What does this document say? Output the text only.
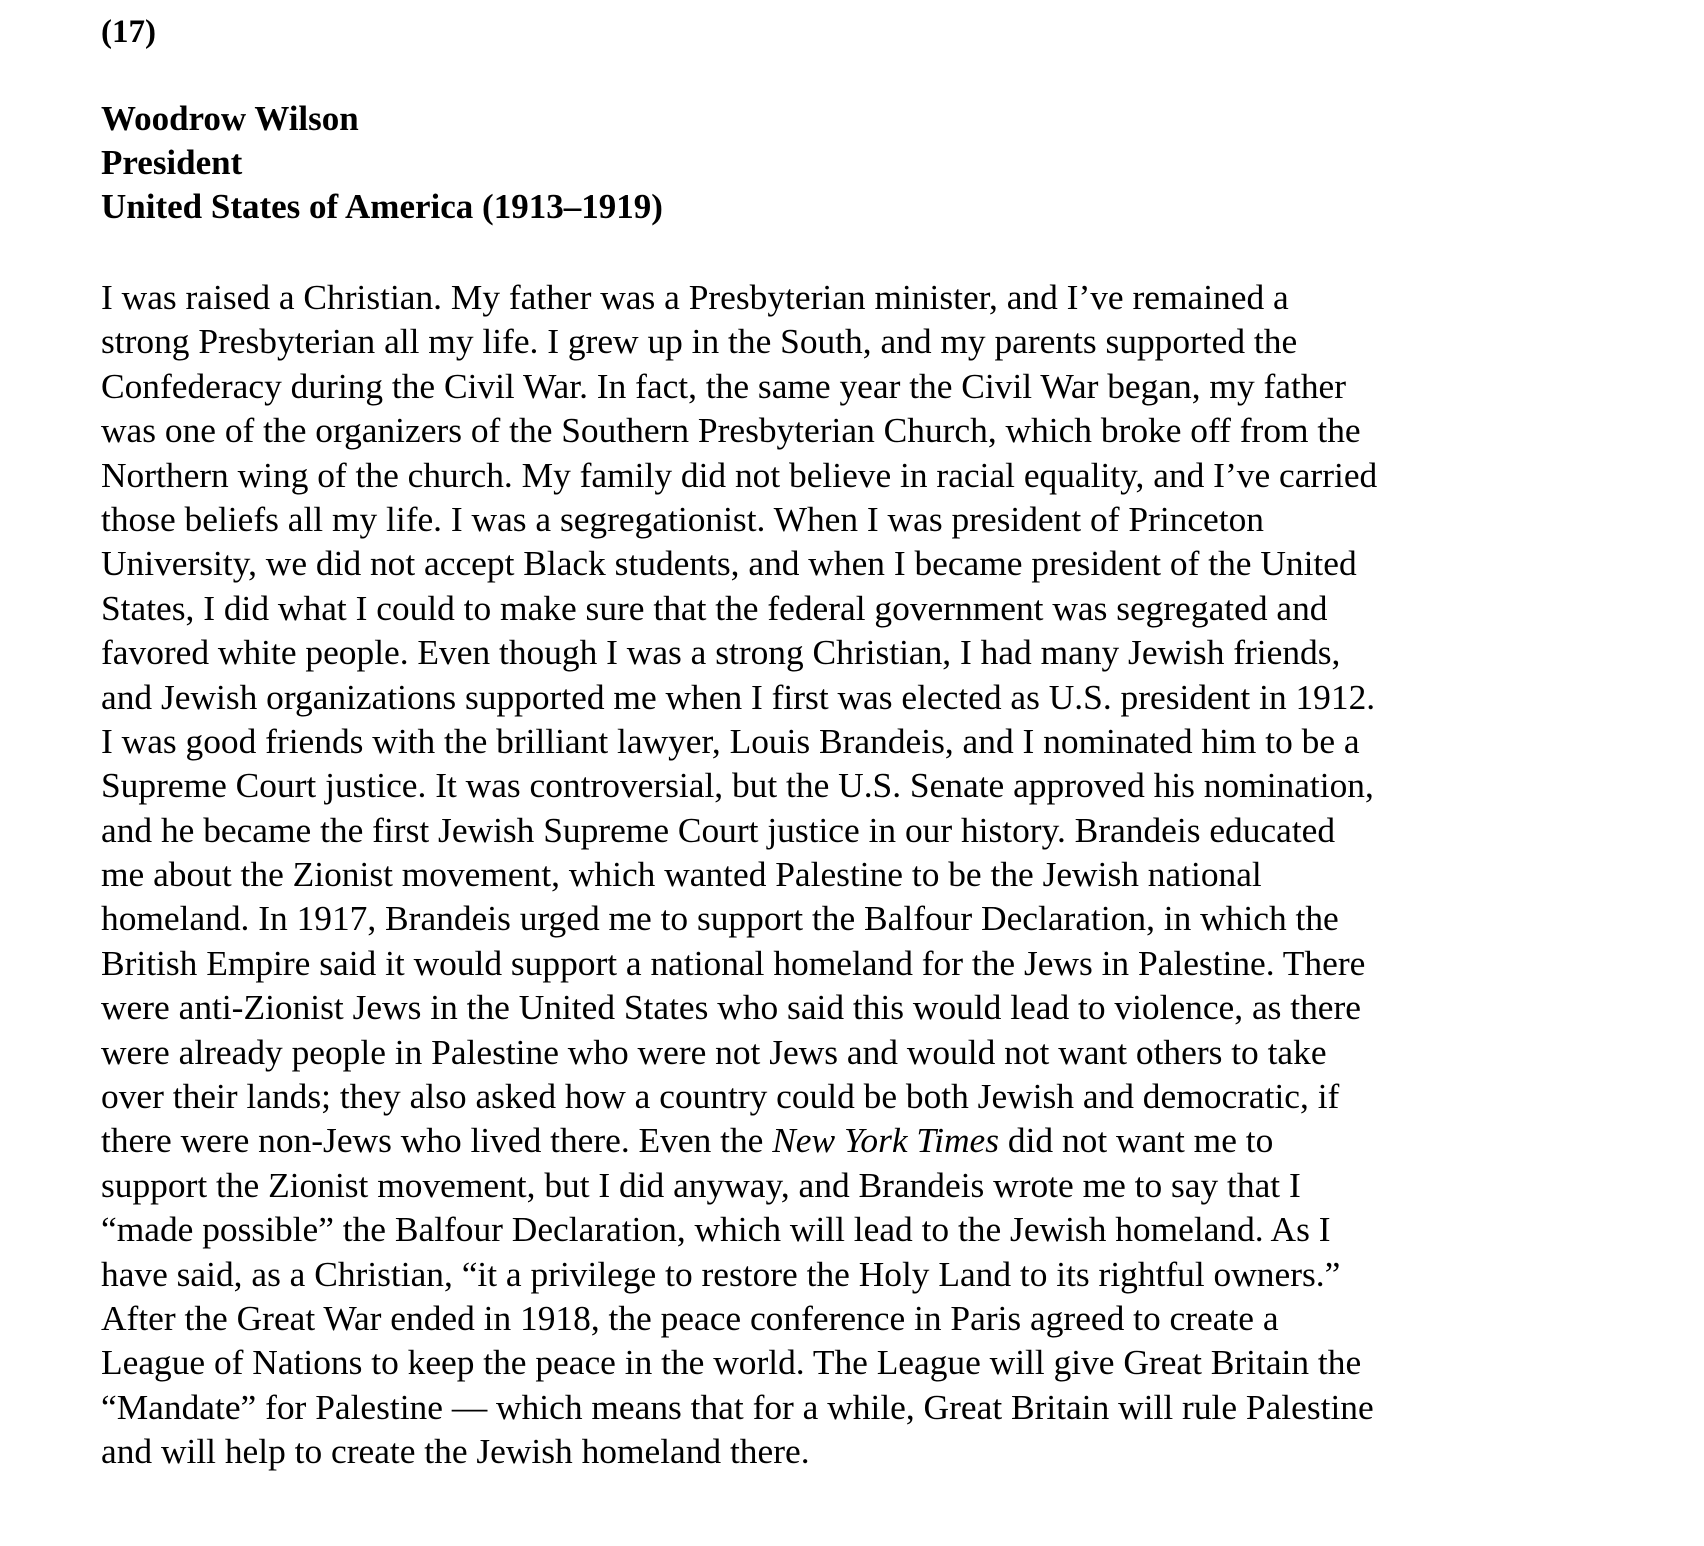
(17)
Woodrow Wilson
President
United States of America (1913–1919)
I was raised a Christian. My father was a Presbyterian minister, and I’ve remained a
strong Presbyterian all my life. I grew up in the South, and my parents supported the
Confederacy during the Civil War. In fact, the same year the Civil War began, my father
was one of the organizers of the Southern Presbyterian Church, which broke off from the
Northern wing of the church. My family did not believe in racial equality, and I’ve carried
those beliefs all my life. I was a segregationist. When I was president of Princeton
University, we did not accept Black students, and when I became president of the United
States, I did what I could to make sure that the federal government was segregated and
favored white people. Even though I was a strong Christian, I had many Jewish friends,
and Jewish organizations supported me when I first was elected as U.S. president in 1912.
I was good friends with the brilliant lawyer, Louis Brandeis, and I nominated him to be a
Supreme Court justice. It was controversial, but the U.S. Senate approved his nomination,
and he became the first Jewish Supreme Court justice in our history. Brandeis educated
me about the Zionist movement, which wanted Palestine to be the Jewish national
homeland. In 1917, Brandeis urged me to support the Balfour Declaration, in which the
British Empire said it would support a national homeland for the Jews in Palestine. There
were anti-Zionist Jews in the United States who said this would lead to violence, as there
were already people in Palestine who were not Jews and would not want others to take
over their lands; they also asked how a country could be both Jewish and democratic, if
there were non-Jews who lived there. Even the New York Times did not want me to
support the Zionist movement, but I did anyway, and Brandeis wrote me to say that I
“made possible” the Balfour Declaration, which will lead to the Jewish homeland. As I
have said, as a Christian, “it a privilege to restore the Holy Land to its rightful owners.”
After the Great War ended in 1918, the peace conference in Paris agreed to create a
League of Nations to keep the peace in the world. The League will give Great Britain the
“Mandate” for Palestine — which means that for a while, Great Britain will rule Palestine
and will help to create the Jewish homeland there.
